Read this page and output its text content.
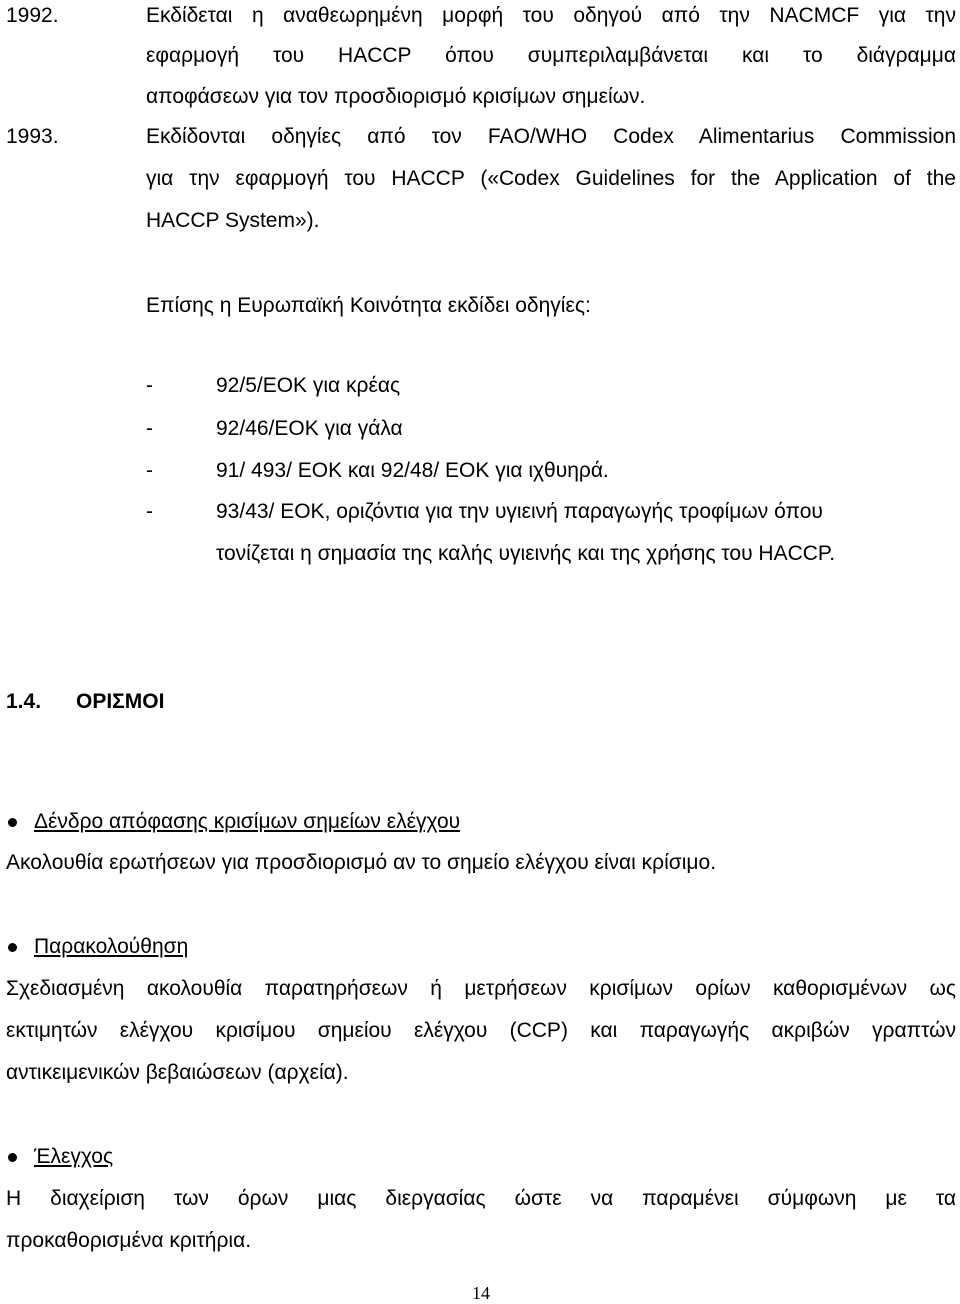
1992.	Εκδίδεται η αναθεωρημένη μορφή του οδηγού από την NACMCF για την
εφαρμογή του HACCP όπου συμπεριλαμβάνεται και το διάγραμμα
αποφάσεων για τον προσδιορισμό κρισίμων σημείων.
1993.	Εκδίδονται οδηγίες από τον FAO/WHO Codex Alimentarius Commission
για την εφαρμογή του HACCP («Codex Guidelines for the Application of the
HACCP System»).
Επίσης η Ευρωπαϊκή Κοινότητα εκδίδει οδηγίες:
-	92/5/ΕΟΚ για κρέας
-	92/46/ΕΟΚ για γάλα
-	91/ 493/ ΕΟΚ και 92/48/ ΕΟΚ για ιχθυηρά.
-	93/43/ ΕΟΚ, οριζόντια για την υγιεινή παραγωγής τροφίμων όπου
τονίζεται η σημασία της καλής υγιεινής και της χρήσης του HACCP.
1.4. ΟΡΙΣΜΟΙ
Δένδρο απόφασης κρισίμων σημείων ελέγχου
Ακολουθία ερωτήσεων για προσδιορισμό αν το σημείο ελέγχου είναι κρίσιμο.
Παρακολούθηση
Σχεδιασμένη ακολουθία παρατηρήσεων ή μετρήσεων κρισίμων ορίων καθορισμένων ως
εκτιμητών ελέγχου κρισίμου σημείου ελέγχου (CCP) και παραγωγής ακριβών γραπτών
αντικειμενικών βεβαιώσεων (αρχεία).
Έλεγχος
Η διαχείριση των όρων μιας διεργασίας ώστε να παραμένει σύμφωνη με τα
προκαθορισμένα κριτήρια.
14
